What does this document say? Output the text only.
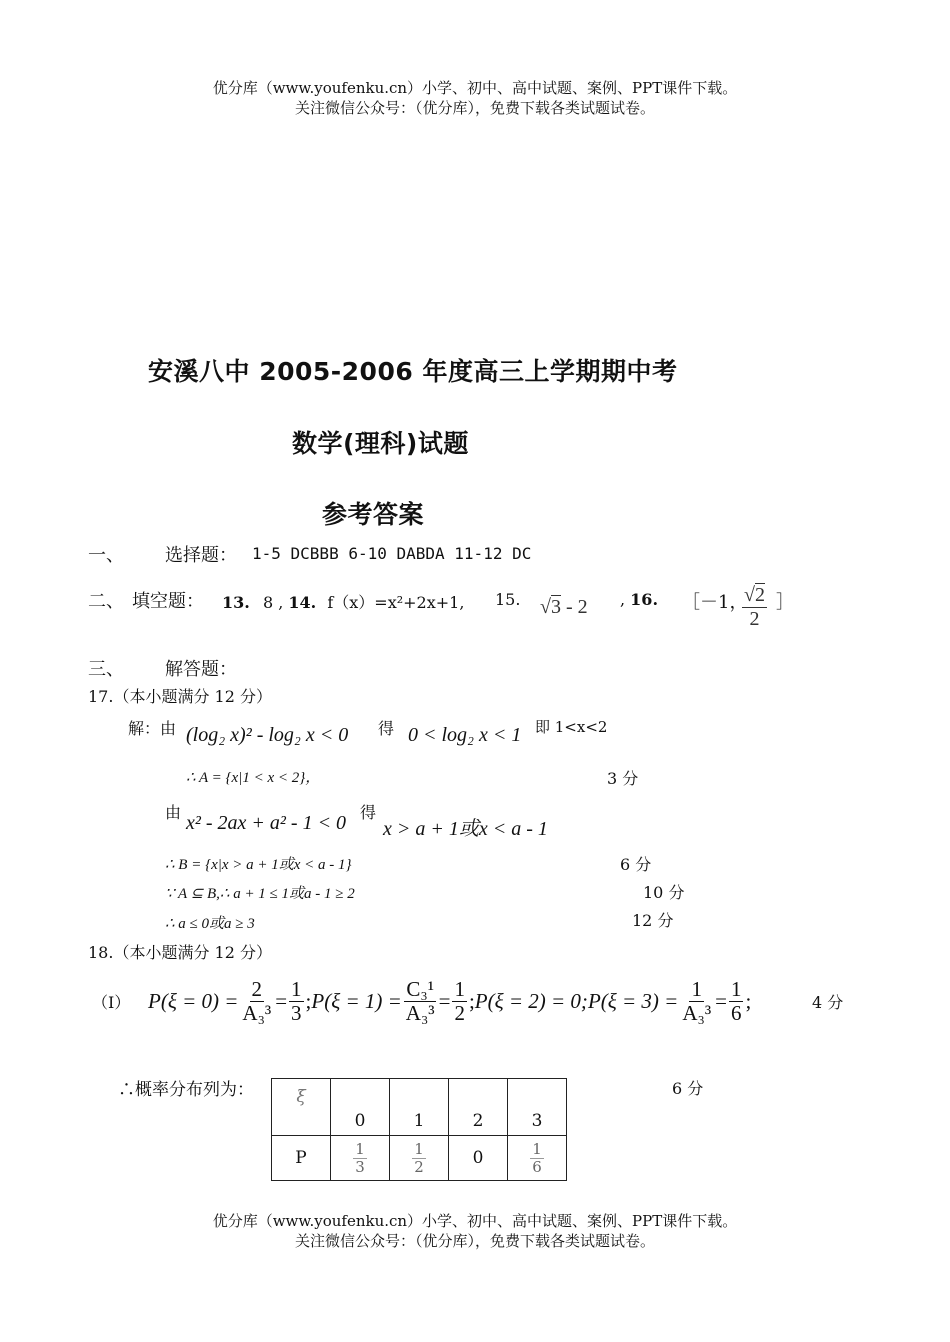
优分库（www.youfenku.cn）小学、初中、高中试题、案例、PPT课件下载。
关注微信公众号：（优分库），免费下载各类试题试卷。
安溪八中 2005-2006 年度高三上学期期中考
数学(理科)试题
参考答案
一、 选择题： 1-5 DCBBB 6-10 DABDA 11-12 DC
二、 填空题： 13. 8 , 14. f（x）=x²+2x+1, 15. √3 - 2 , 16. ［－1，
$\frac{√2}{2}$ ］
三、 解答题：
17.（本小题满分 12 分）
解：由 (log₂ x)² - log₂ x < 0 得 0 < log₂ x < 1 即 1<x<2
∴ A = {x|1 < x < 2}，	3 分
由 x² - 2ax + a² - 1 < 0 得
x > a + 1或x < a - 1
∴ B = {x|x > a + 1或x < a - 1}	6 分
∵ A ⊆ B,∴ a + 1 ≤ 1或a - 1 ≥ 2	10 分
∴ a ≤ 0或a ≥ 3	12 分
18.（本小题满分 12 分）
（Ⅰ） $P(\xi = 0) = \frac{2}{\text{A₃³}} = \frac{1}{3}$ ; $P(\xi = 1) = \frac{\text{C₃¹}}{\text{A₃³}} = \frac{1}{2}$ ; P(ξ = 2) = 0; $P(\xi = 3) = \frac{1}{\text{A₃³}} = \frac{1}{6}$ ;	4 分
∴概率分布列为：	6 分
ξ	0	1	2	3
P	$\frac{1}{3}$	$\frac{1}{2}$	0	$\frac{1}{6}$
优分库（www.youfenku.cn）小学、初中、高中试题、案例、PPT课件下载。
关注微信公众号：（优分库），免费下载各类试题试卷。
